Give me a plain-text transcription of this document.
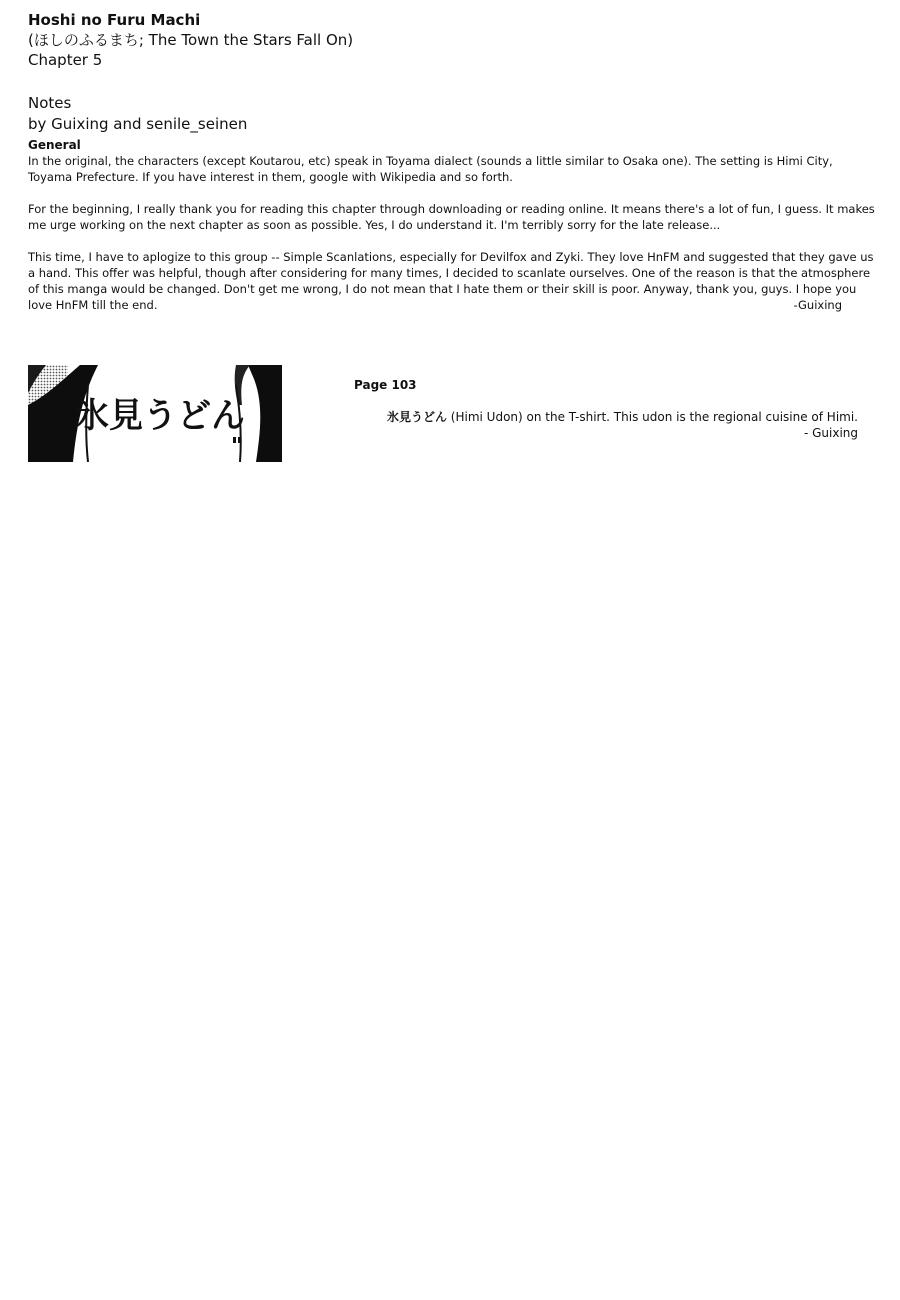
Hoshi no Furu Machi

(ほしのふるまち; The Town the Stars Fall On)

Chapter 5

Notes

by Guixing and senile_seinen

General

In the original, the characters (except Koutarou, etc) speak in Toyama dialect (sounds a little similar to Osaka one). The setting is Himi City, Toyama Prefecture. If you have interest in them, google with Wikipedia and so forth.

For the beginning, I really thank you for reading this chapter through downloading or reading online. It means there's a lot of fun, I guess. It makes me urge working on the next chapter as soon as possible. Yes, I do understand it. I'm terribly sorry for the late release...

This time, I have to aplogize to this group -- Simple Scanlations, especially for Devilfox and Zyki. They love HnFM and suggested that they gave us a hand. This offer was helpful, though after considering for many times, I decided to scanlate ourselves. One of the reason is that the atmosphere of this manga would be changed. Don't get me wrong, I do not mean that I hate them or their skill is poor. Anyway, thank you, guys. I hope you love HnFM till the end.	-Guixing

氷見うどん

Page 103

氷見うどん (Himi Udon) on the T-shirt. This udon is the regional cuisine of Himi.

- Guixing
